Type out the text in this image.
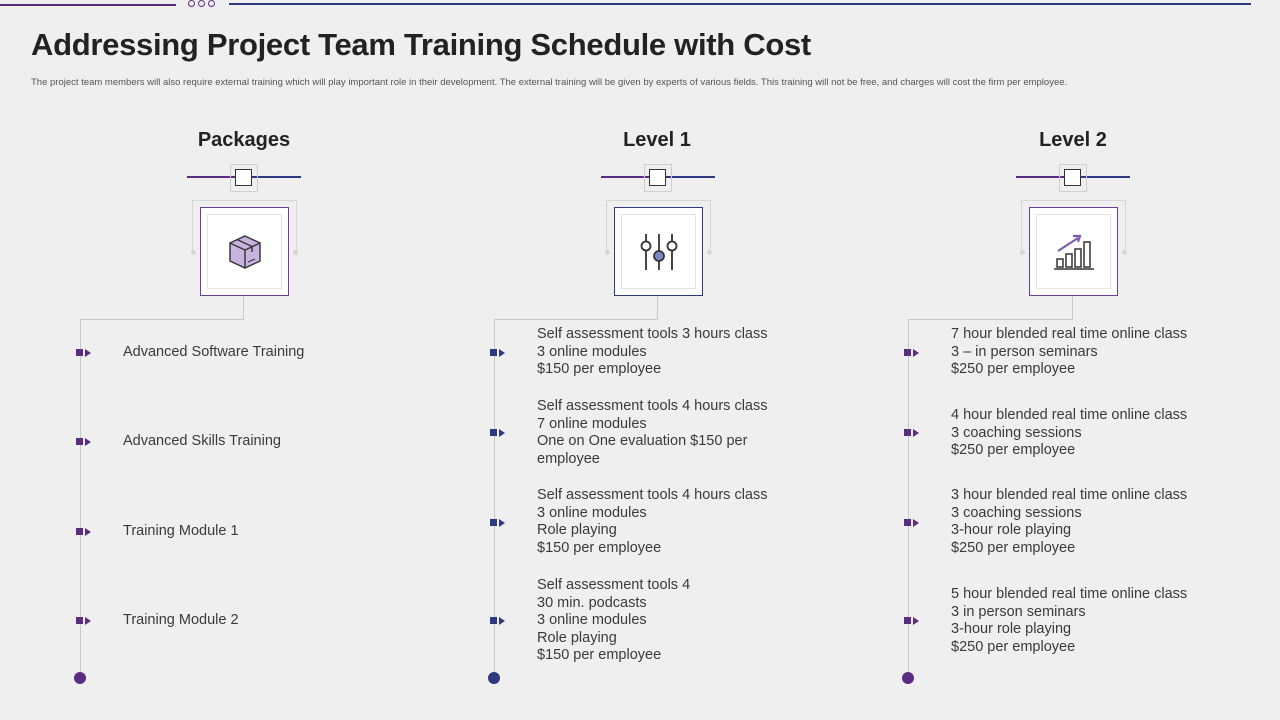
Addressing Project Team Training Schedule with Cost
The project team members will also require external training which will play important role in their development. The external training will be given by experts of various fields. This training will not be free, and charges will cost the firm per employee.
Packages
Advanced Software Training
Advanced Skills Training
Training Module 1
Training Module 2
Level 1
Self assessment tools 3 hours class
3 online modules
$150 per employee
Self assessment tools 4 hours class
7 online modules
One on One evaluation $150 per
employee
Self assessment tools 4 hours class
3 online modules
Role playing
$150 per employee
Self assessment tools 4
30 min. podcasts
3 online modules
Role playing
$150 per employee
Level 2
7 hour blended real time online class
3 – in person seminars
$250 per employee
4 hour blended real time online class
3 coaching sessions
$250 per employee
3 hour blended real time online class
3 coaching sessions
3-hour role playing
$250 per employee
5 hour blended real time online class
3 in person seminars
3-hour role playing
$250 per employee
